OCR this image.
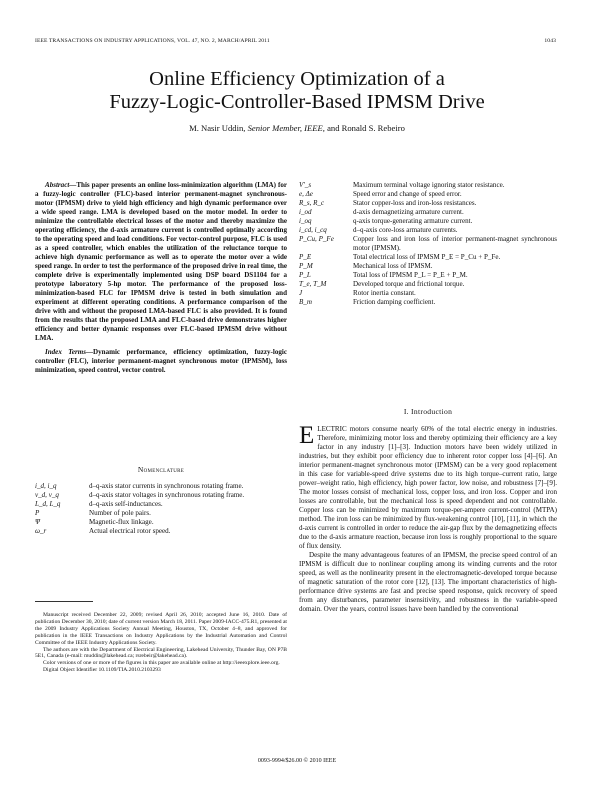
IEEE TRANSACTIONS ON INDUSTRY APPLICATIONS, VOL. 47, NO. 2, MARCH/APRIL 2011	1043
Online Efficiency Optimization of a
Fuzzy-Logic-Controller-Based IPMSM Drive
M. Nasir Uddin, Senior Member, IEEE, and Ronald S. Rebeiro

Abstract—This paper presents an online loss-minimization algorithm (LMA) for a fuzzy-logic controller (FLC)-based interior permanent-magnet synchronous-motor (IPMSM) drive to yield high efficiency and high dynamic performance over a wide speed range. LMA is developed based on the motor model. In order to minimize the controllable electrical losses of the motor and thereby maximize the operating efficiency, the d-axis armature current is controlled optimally according to the operating speed and load conditions. For vector-control purpose, FLC is used as a speed controller, which enables the utilization of the reluctance torque to achieve high dynamic performance as well as to operate the motor over a wide speed range. In order to test the performance of the proposed drive in real time, the complete drive is experimentally implemented using DSP board DS1104 for a prototype laboratory 5-hp motor. The performance of the proposed loss-minimization-based FLC for IPMSM drive is tested in both simulation and experiment at different operating conditions. A performance comparison of the drive with and without the proposed LMA-based FLC is also provided. It is found from the results that the proposed LMA and FLC-based drive demonstrates higher efficiency and better dynamic responses over FLC-based IPMSM drive without LMA.

Index Terms—Dynamic performance, efficiency optimization, fuzzy-logic controller (FLC), interior permanent-magnet synchronous motor (IPMSM), loss minimization, speed control, vector control.

Nomenclature
i_d, i_q	d–q-axis stator currents in synchronous rotating frame.
v_d, v_q	d–q-axis stator voltages in synchronous rotating frame.
L_d, L_q	d–q-axis self-inductances.
P	Number of pole pairs.
Ψ	Magnetic-flux linkage.
ω_r	Actual electrical rotor speed.

Manuscript received December 22, 2009; revised April 26, 2010; accepted June 16, 2010. Date of publication December 30, 2010; date of current version March 18, 2011. Paper 2009-IACC-475.R1, presented at the 2009 Industry Applications Society Annual Meeting, Houston, TX, October 4–8, and approved for publication in the IEEE Transactions on Industry Applications by the Industrial Automation and Control Committee of the IEEE Industry Applications Society.

The authors are with the Department of Electrical Engineering, Lakehead University, Thunder Bay, ON P7B 5E1, Canada (e-mail: muddin@lakehead.ca; rsrebeir@lakehead.ca).

Color versions of one or more of the figures in this paper are available online at http://ieeexplore.ieee.org.

Digital Object Identifier 10.1109/TIA.2010.2103293

V'_s	Maximum terminal voltage ignoring stator resistance.
e, Δe	Speed error and change of speed error.
R_s, R_c	Stator copper-loss and iron-loss resistances.
i_od	d-axis demagnetizing armature current.
i_oq	q-axis torque-generating armature current.
i_cd, i_cq	d–q-axis core-loss armature currents.
P_Cu, P_Fe	Copper loss and iron loss of interior permanent-magnet synchronous motor (IPMSM).
P_E	Total electrical loss of IPMSM P_E = P_Cu + P_Fe.
P_M	Mechanical loss of IPMSM.
P_L	Total loss of IPMSM P_L = P_E + P_M.
T_e, T_M	Developed torque and frictional torque.
J	Rotor inertia constant.
B_m	Friction damping coefficient.
I. Introduction

ELECTRIC motors consume nearly 60% of the total electric energy in industries. Therefore, minimizing motor loss and thereby optimizing their efficiency are a key factor in any industry [1]–[3]. Induction motors have been widely utilized in industries, but they exhibit poor efficiency due to inherent rotor copper loss [4]–[6]. An interior permanent-magnet synchronous motor (IPMSM) can be a very good replacement in this case for variable-speed drive systems due to its high torque–current ratio, large power–weight ratio, high efficiency, high power factor, low noise, and robustness [7]–[9]. The motor losses consist of mechanical loss, copper loss, and iron loss. Copper and iron losses are controllable, but the mechanical loss is speed dependent and not controllable. Copper loss can be minimized by maximum torque-per-ampere current-control (MTPA) method. The iron loss can be minimized by flux-weakening control [10], [11], in which the d-axis current is controlled in order to reduce the air-gap flux by the demagnetizing effects due to the d-axis armature reaction, because iron loss is roughly proportional to the square of flux density.

Despite the many advantageous features of an IPMSM, the precise speed control of an IPMSM is difficult due to nonlinear coupling among its winding currents and the rotor speed, as well as the nonlinearity present in the electromagnetic-developed torque because of magnetic saturation of the rotor core [12], [13]. The important characteristics of high-performance drive systems are fast and precise speed response, quick recovery of speed from any disturbances, parameter insensitivity, and robustness in the variable-speed domain. Over the years, control issues have been handled by the conventional

0093-9994/$26.00 © 2010 IEEE
